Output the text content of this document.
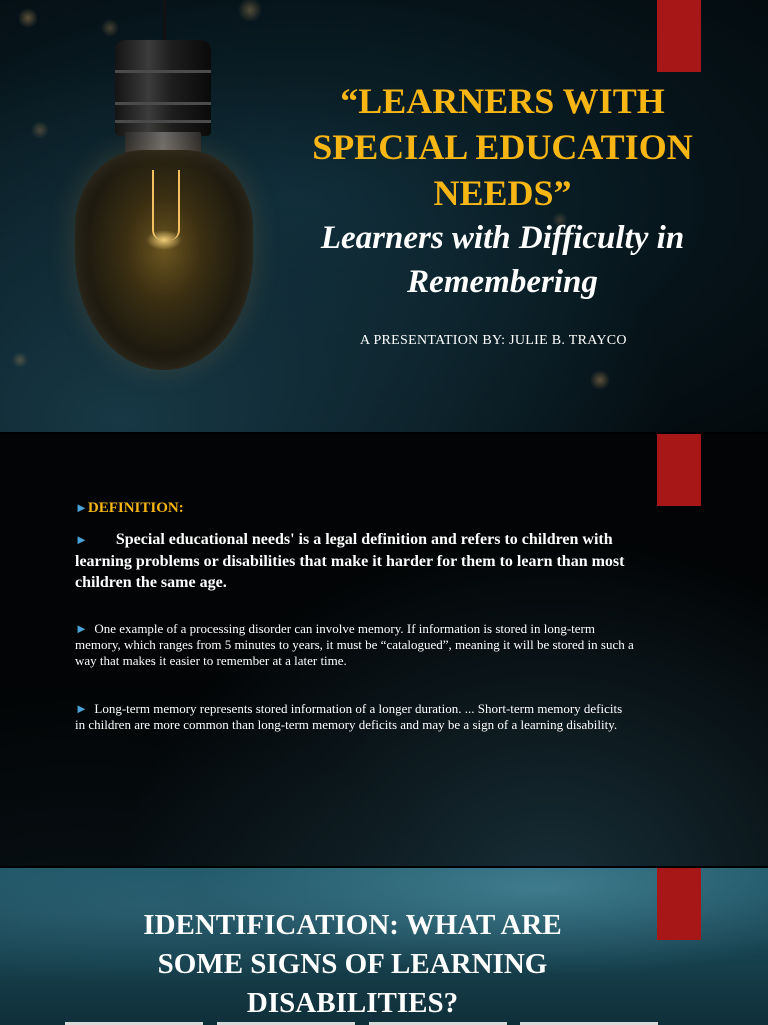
“LEARNERS WITH SPECIAL EDUCATION NEEDS”

Learners with Difficulty in Remembering

A PRESENTATION BY: JULIE B. TRAYCO

►DEFINITION:

► Special educational needs' is a legal definition and refers to children with learning problems or disabilities that make it harder for them to learn than most children the same age.

► One example of a processing disorder can involve memory. If information is stored in long-term memory, which ranges from 5 minutes to years, it must be “catalogued”, meaning it will be stored in such a way that makes it easier to remember at a later time.

► Long-term memory represents stored information of a longer duration. ... Short-term memory deficits in children are more common than long-term memory deficits and may be a sign of a learning disability.

IDENTIFICATION: WHAT ARE SOME SIGNS OF LEARNING DISABILITIES?
